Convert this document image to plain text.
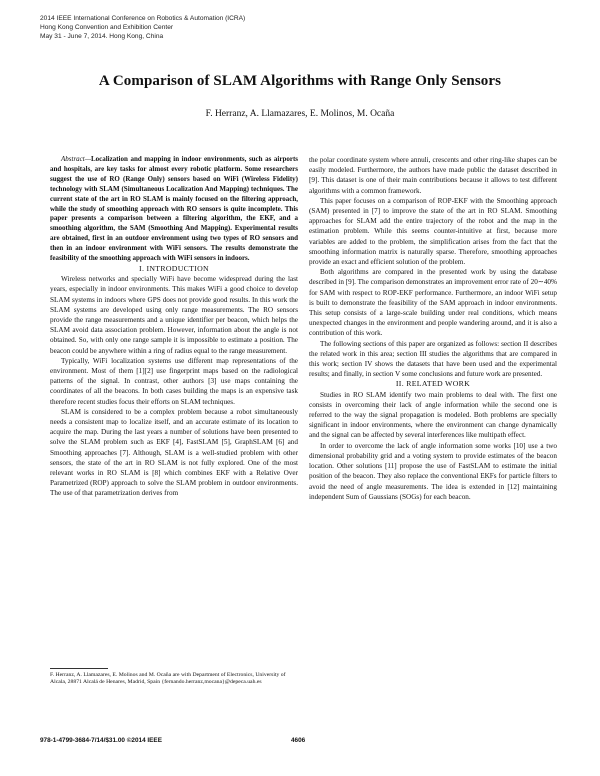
2014 IEEE International Conference on Robotics & Automation (ICRA)
Hong Kong Convention and Exhibition Center
May 31 - June 7, 2014. Hong Kong, China
A Comparison of SLAM Algorithms with Range Only Sensors
F. Herranz, A. Llamazares, E. Molinos, M. Ocaña

Abstract—Localization and mapping in indoor environments, such as airports and hospitals, are key tasks for almost every robotic platform. Some researchers suggest the use of RO (Range Only) sensors based on WiFi (Wireless Fidelity) technology with SLAM (Simultaneous Localization And Mapping) techniques. The current state of the art in RO SLAM is mainly focused on the filtering approach, while the study of smoothing approach with RO sensors is quite incomplete. This paper presents a comparison between a filtering algorithm, the EKF, and a smoothing algorithm, the SAM (Smoothing And Mapping). Experimental results are obtained, first in an outdoor environment using two types of RO sensors and then in an indoor environment with WiFi sensors. The results demonstrate the feasibility of the smoothing approach with WiFi sensors in indoors.

I. INTRODUCTION

Wireless networks and specially WiFi have become widespread during the last years, especially in indoor environments. This makes WiFi a good choice to develop SLAM systems in indoors where GPS does not provide good results. In this work the SLAM systems are developed using only range measurements. The RO sensors provide the range measurements and a unique identifier per beacon, which helps the SLAM avoid data association problem. However, information about the angle is not obtained. So, with only one range sample it is impossible to estimate a position. The beacon could be anywhere within a ring of radius equal to the range measurement.

Typically, WiFi localization systems use different map representations of the environment. Most of them [1][2] use fingerprint maps based on the radiological patterns of the signal. In contrast, other authors [3] use maps containing the coordinates of all the beacons. In both cases building the maps is an expensive task therefore recent studies focus their efforts on SLAM techniques.

SLAM is considered to be a complex problem because a robot simultaneously needs a consistent map to localize itself, and an accurate estimate of its location to acquire the map. During the last years a number of solutions have been presented to solve the SLAM problem such as EKF [4], FastSLAM [5], GraphSLAM [6] and Smoothing approaches [7]. Although, SLAM is a well-studied problem with other sensors, the state of the art in RO SLAM is not fully explored. One of the most relevant works in RO SLAM is [8] which combines EKF with a Relative Over Parametrized (ROP) approach to solve the SLAM problem in outdoor environments. The use of that parametrization derives from

F. Herranz, A. Llamazares, E. Molinos and M. Ocaña are with Department of Electronics, University of Alcala, 28871 Alcalá de Henares, Madrid, Spain {fernando.herranz,mocana}@depeca.uah.es

the polar coordinate system where annuli, crescents and other ring-like shapes can be easily modeled. Furthermore, the authors have made public the dataset described in [9]. This dataset is one of their main contributions because it allows to test different algorithms with a common framework.

This paper focuses on a comparison of ROP-EKF with the Smoothing approach (SAM) presented in [7] to improve the state of the art in RO SLAM. Smoothing approaches for SLAM add the entire trajectory of the robot and the map in the estimation problem. While this seems counter-intuitive at first, because more variables are added to the problem, the simplification arises from the fact that the smoothing information matrix is naturally sparse. Therefore, smoothing approaches provide an exact and efficient solution of the problem.

Both algorithms are compared in the presented work by using the database described in [9]. The comparison demonstrates an improvement error rate of 20∼40% for SAM with respect to ROP-EKF performance. Furthermore, an indoor WiFi setup is built to demonstrate the feasibility of the SAM approach in indoor environments. This setup consists of a large-scale building under real conditions, which means unexpected changes in the environment and people wandering around, and it is also a contribution of this work.

The following sections of this paper are organized as follows: section II describes the related work in this area; section III studies the algorithms that are compared in this work; section IV shows the datasets that have been used and the experimental results; and finally, in section V some conclusions and future work are presented.

II. RELATED WORK

Studies in RO SLAM identify two main problems to deal with. The first one consists in overcoming their lack of angle information while the second one is referred to the way the signal propagation is modeled. Both problems are specially significant in indoor environments, where the environment can change dynamically and the signal can be affected by several interferences like multipath effect.

In order to overcome the lack of angle information some works [10] use a two dimensional probability grid and a voting system to provide estimates of the beacon location. Other solutions [11] propose the use of FastSLAM to estimate the initial position of the beacon. They also replace the conventional EKFs for particle filters to avoid the need of angle measurements. The idea is extended in [12] maintaining independent Sum of Gaussians (SOGs) for each beacon.

978-1-4799-3684-7/14/$31.00 ©2014 IEEE	4606
